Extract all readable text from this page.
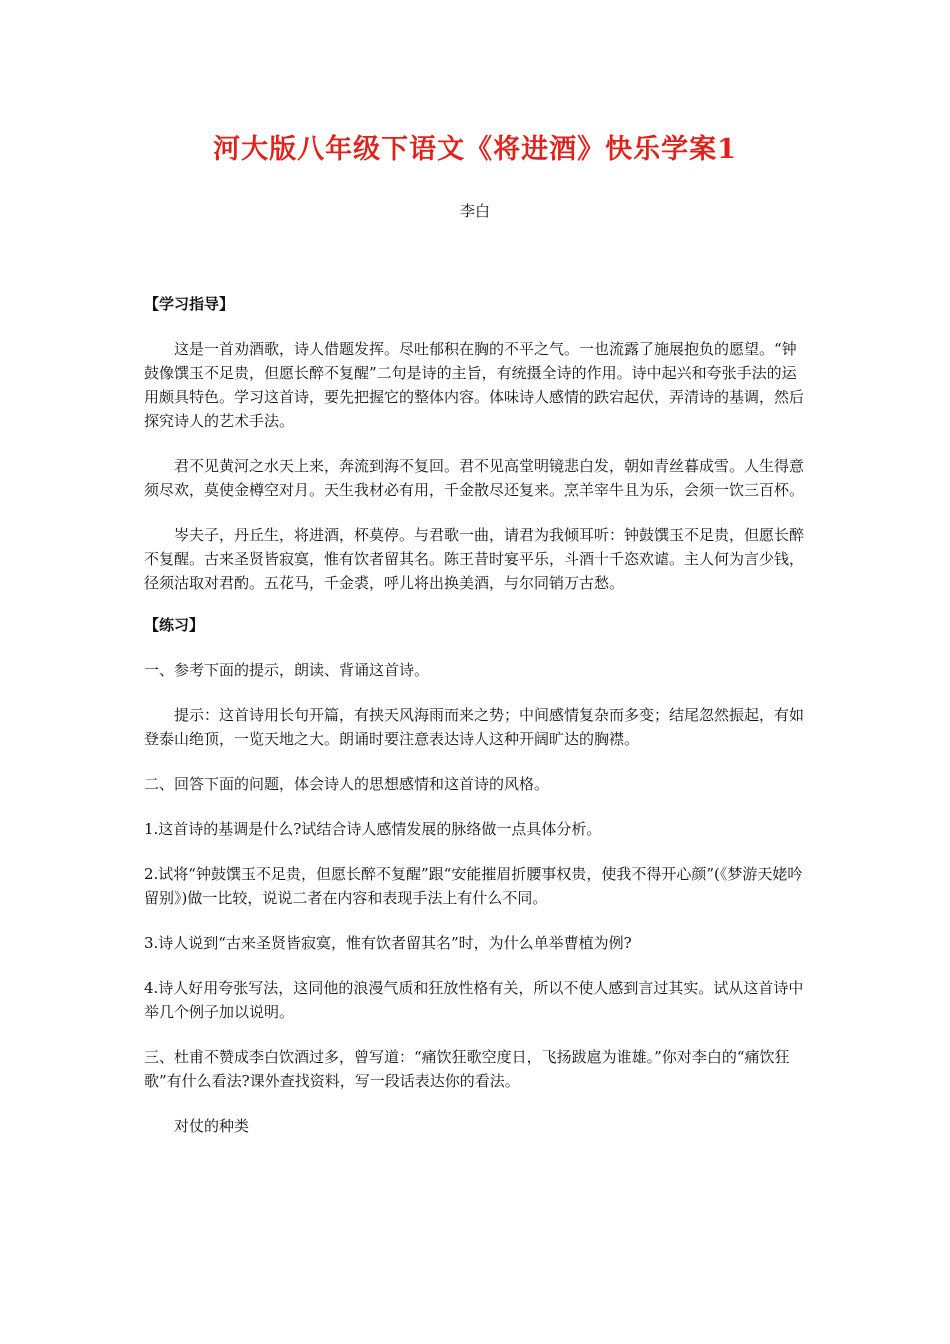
河大版八年级下语文《将进酒》快乐学案1
李白

【学习指导】

这是一首劝酒歌，诗人借题发挥。尽吐郁积在胸的不平之气。一也流露了施展抱负的愿望。“钟鼓像馔玉不足贵，但愿长醉不复醒”二句是诗的主旨，有统摄全诗的作用。诗中起兴和夸张手法的运用颇具特色。学习这首诗，要先把握它的整体内容。体味诗人感情的跌宕起伏，弄清诗的基调，然后探究诗人的艺术手法。

君不见黄河之水天上来，奔流到海不复回。君不见高堂明镜悲白发，朝如青丝暮成雪。人生得意须尽欢，莫使金樽空对月。天生我材必有用，千金散尽还复来。烹羊宰牛且为乐，会须一饮三百杯。

岑夫子，丹丘生，将进酒，杯莫停。与君歌一曲，请君为我倾耳听：钟鼓馔玉不足贵，但愿长醉不复醒。古来圣贤皆寂寞，惟有饮者留其名。陈王昔时宴平乐，斗酒十千恣欢谑。主人何为言少钱，径须沽取对君酌。五花马，千金裘，呼儿将出换美酒，与尔同销万古愁。

【练习】

一、参考下面的提示，朗读、背诵这首诗。

提示：这首诗用长句开篇，有挟天风海雨而来之势；中间感情复杂而多变；结尾忽然振起，有如登泰山绝顶，一览天地之大。朗诵时要注意表达诗人这种开阔旷达的胸襟。

二、回答下面的问题，体会诗人的思想感情和这首诗的风格。

1.这首诗的基调是什么?试结合诗人感情发展的脉络做一点具体分析。

2.试将“钟鼓馔玉不足贵，但愿长醉不复醒”跟“安能摧眉折腰事权贵，使我不得开心颜”(《梦游天姥吟留别》)做一比较，说说二者在内容和表现手法上有什么不同。

3.诗人说到“古来圣贤皆寂寞，惟有饮者留其名”时，为什么单举曹植为例?

4.诗人好用夸张写法，这同他的浪漫气质和狂放性格有关，所以不使人感到言过其实。试从这首诗中举几个例子加以说明。

三、杜甫不赞成李白饮酒过多，曾写道：“痛饮狂歌空度日，飞扬跋扈为谁雄。”你对李白的“痛饮狂歌”有什么看法?课外查找资料，写一段话表达你的看法。

对仗的种类
